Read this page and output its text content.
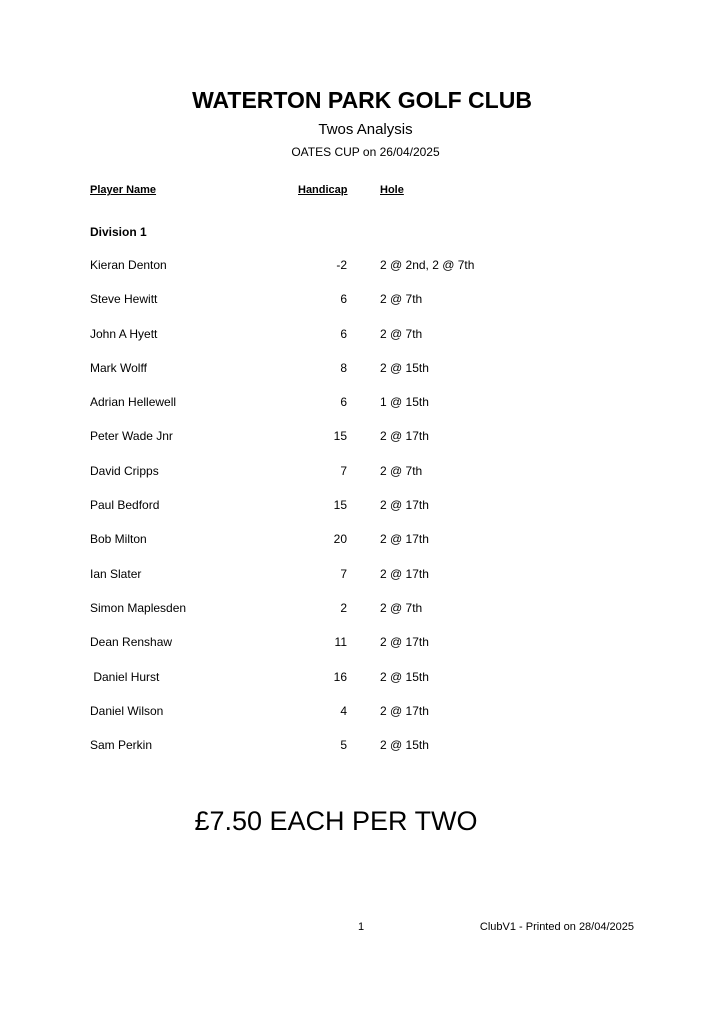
WATERTON PARK GOLF CLUB
Twos Analysis
OATES CUP on 26/04/2025
Player Name	Handicap	Hole
Division 1
Kieran Denton	-2	2 @ 2nd, 2 @ 7th
Steve Hewitt	6	2 @ 7th
John A Hyett	6	2 @ 7th
Mark Wolff	8	2 @ 15th
Adrian Hellewell	6	1 @ 15th
Peter Wade Jnr	15	2 @ 17th
David Cripps	7	2 @ 7th
Paul Bedford	15	2 @ 17th
Bob Milton	20	2 @ 17th
Ian Slater	7	2 @ 17th
Simon Maplesden	2	2 @ 7th
Dean Renshaw	11	2 @ 17th
Daniel Hurst	16	2 @ 15th
Daniel Wilson	4	2 @ 17th
Sam Perkin	5	2 @ 15th
£7.50 EACH PER TWO
1	ClubV1 - Printed on 28/04/2025
